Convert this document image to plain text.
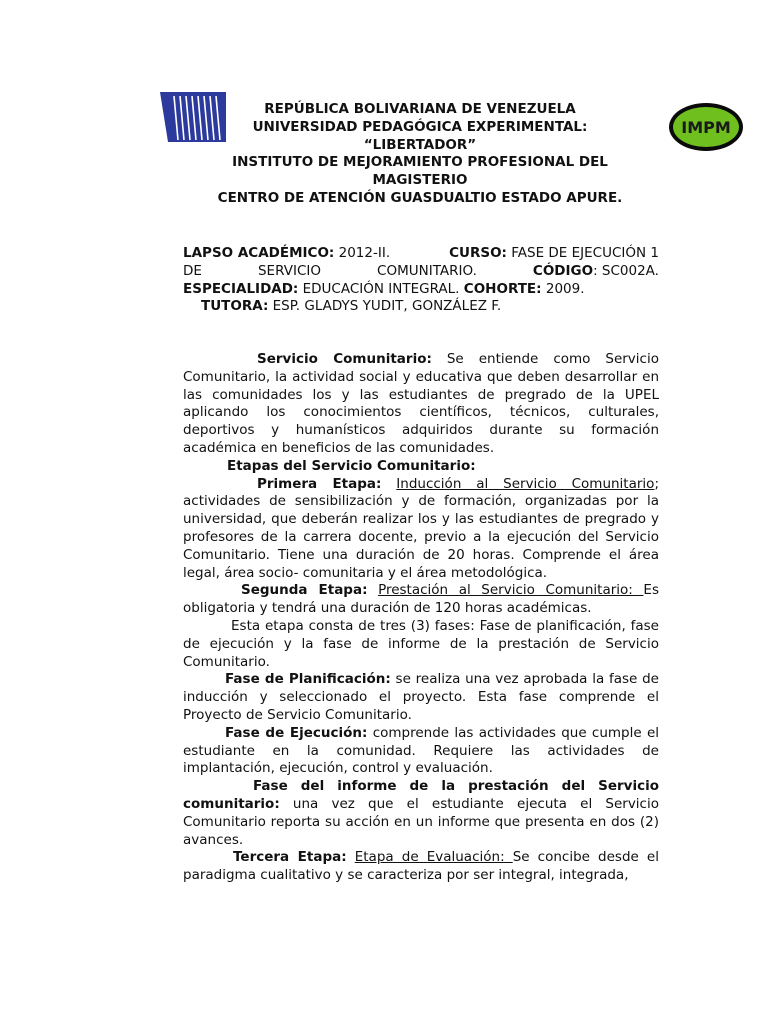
IMPM
REPÚBLICA BOLIVARIANA DE VENEZUELA
UNIVERSIDAD PEDAGÓGICA EXPERIMENTAL:
“LIBERTADOR”
INSTITUTO DE MEJORAMIENTO PROFESIONAL DEL
MAGISTERIO
CENTRO DE ATENCIÓN GUASDUALTIO ESTADO APURE.
LAPSO ACADÉMICO: 2012-II.	CURSO: FASE DE EJECUCIÓN 1
DE	SERVICIO	COMUNITARIO.	CÓDIGO: SC002A.
ESPECIALIDAD: EDUCACIÓN INTEGRAL. COHORTE: 2009.
TUTORA: ESP. GLADYS YUDIT, GONZÁLEZ F.

Servicio Comunitario: Se entiende como Servicio Comunitario, la actividad social y educativa que deben desarrollar en las comunidades los y las estudiantes de pregrado de la UPEL aplicando los conocimientos científicos, técnicos, culturales, deportivos y humanísticos adquiridos durante su formación académica en beneficios de las comunidades.

Etapas del Servicio Comunitario:

Primera Etapa: Inducción al Servicio Comunitario; actividades de sensibilización y de formación, organizadas por la universidad, que deberán realizar los y las estudiantes de pregrado y profesores de la carrera docente, previo a la ejecución del Servicio Comunitario. Tiene una duración de 20 horas. Comprende el área legal, área socio- comunitaria y el área metodológica.

Segunda Etapa: Prestación al Servicio Comunitario: Es obligatoria y tendrá una duración de 120 horas académicas.

Esta etapa consta de tres (3) fases: Fase de planificación, fase de ejecución y la fase de informe de la prestación de Servicio Comunitario.

Fase de Planificación: se realiza una vez aprobada la fase de inducción y seleccionado el proyecto. Esta fase comprende el Proyecto de Servicio Comunitario.

Fase de Ejecución: comprende las actividades que cumple el estudiante en la comunidad. Requiere las actividades de implantación, ejecución, control y evaluación.

Fase del informe de la prestación del Servicio comunitario: una vez que el estudiante ejecuta el Servicio Comunitario reporta su acción en un informe que presenta en dos (2) avances.

Tercera Etapa: Etapa de Evaluación: Se concibe desde el paradigma cualitativo y se caracteriza por ser integral, integrada,
